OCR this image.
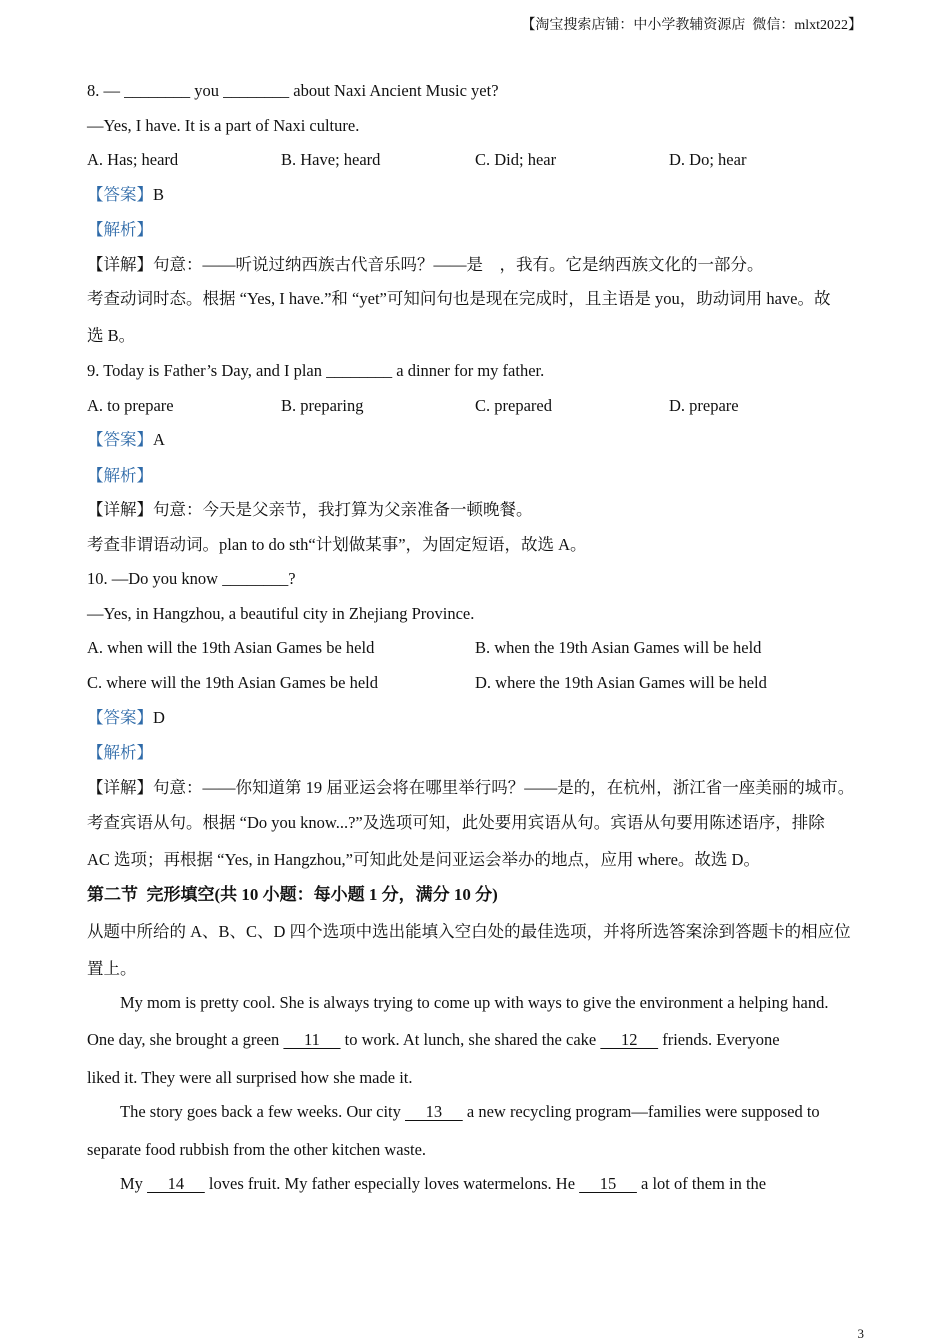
【淘宝搜索店铺：中小学教辅资源店  微信：mlxt2022】
8. — ________ you ________ about Naxi Ancient Music yet?
—Yes, I have. It is a part of Naxi culture.
A. Has; heard	B. Have; heard	C. Did; hear	D. Do; hear
【答案】B
【解析】
【详解】句意：——听说过纳西族古代音乐吗？——是    ，我有。它是纳西族文化的一部分。
考查动词时态。根据 “Yes, I have.”和 “yet”可知问句也是现在完成时，且主语是 you，助动词用 have。故
选 B。
9. Today is Father’s Day, and I plan ________ a dinner for my father.
A. to prepare	B. preparing	C. prepared	D. prepare
【答案】A
【解析】
【详解】句意：今天是父亲节，我打算为父亲准备一顿晚餐。
考查非谓语动词。plan to do sth“计划做某事”，为固定短语，故选 A。
10. —Do you know ________?
—Yes, in Hangzhou, a beautiful city in Zhejiang Province.
A. when will the 19th Asian Games be held	B. when the 19th Asian Games will be held
C. where will the 19th Asian Games be held	D. where the 19th Asian Games will be held
【答案】D
【解析】
【详解】句意：——你知道第 19 届亚运会将在哪里举行吗？——是的，在杭州，浙江省一座美丽的城市。
考查宾语从句。根据 “Do you know...?”及选项可知，此处要用宾语从句。宾语从句要用陈述语序，排除
AC 选项；再根据 “Yes, in Hangzhou,”可知此处是问亚运会举办的地点，应用 where。故选 D。
第二节  完形填空(共 10 小题：每小题 1 分，满分 10 分)
从题中所给的 A、B、C、D 四个选项中选出能填入空白处的最佳选项，并将所选答案涂到答题卡的相应位
置上。
My mom is pretty cool. She is always trying to come up with ways to give the environment a helping hand.
One day, she brought a green      11      to work. At lunch, she shared the cake      12      friends. Everyone
liked it. They were all surprised how she made it.
The story goes back a few weeks. Our city      13      a new recycling program—families were supposed to
separate food rubbish from the other kitchen waste.
My      14      loves fruit. My father especially loves watermelons. He      15      a lot of them in the
3
